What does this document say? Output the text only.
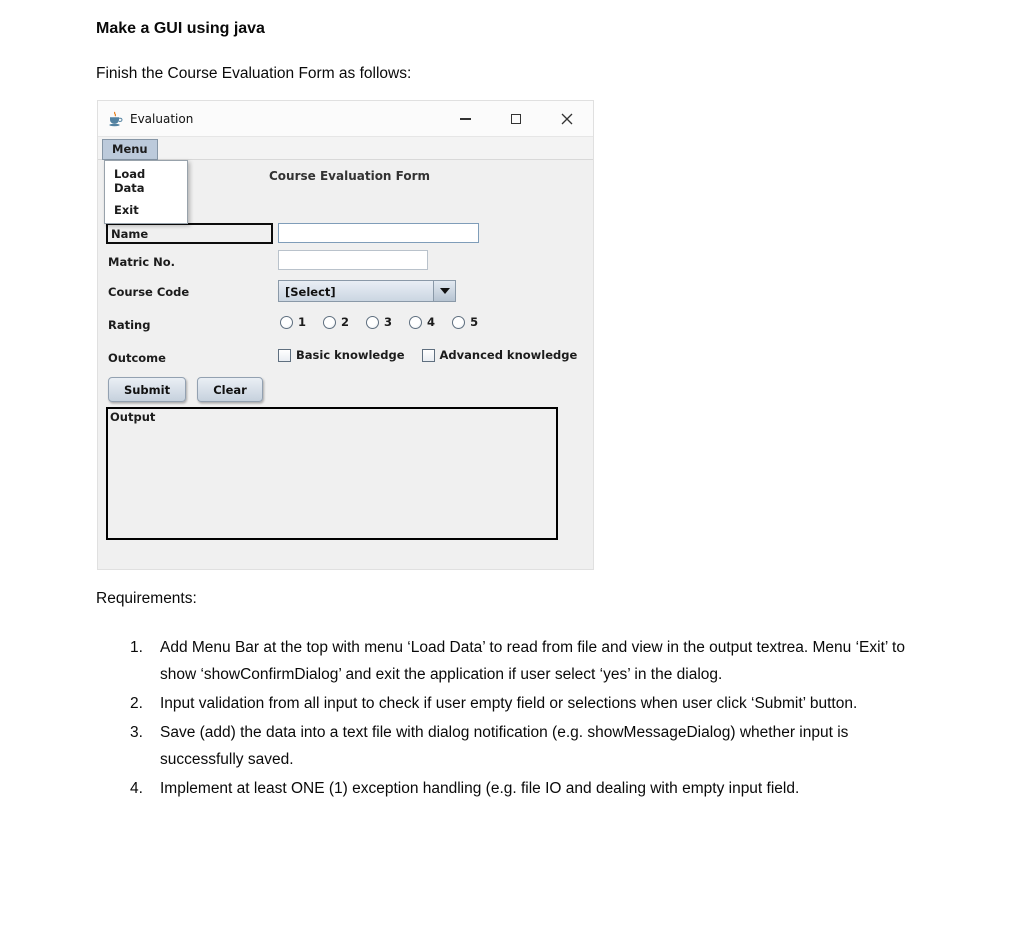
Make a GUI using java

Finish the Course Evaluation Form as follows:

Evaluation
Menu
Load Data
Exit
Course Evaluation Form
Name
Matric No.
Course Code	[Select]
Rating	1	2	3	4	5
Outcome	Basic knowledge	Advanced knowledge
Submit	Clear
Output

Requirements:

1.	Add Menu Bar at the top with menu ‘Load Data’ to read from file and view in the output textrea. Menu ‘Exit’ to show ‘showConfirmDialog’ and exit the application if user select ‘yes’ in the dialog.
2.	Input validation from all input to check if user empty field or selections when user click ‘Submit’ button.
3.	Save (add) the data into a text file with dialog notification (e.g. showMessageDialog) whether input is successfully saved.
4.	Implement at least ONE (1) exception handling (e.g. file IO and dealing with empty input field.
